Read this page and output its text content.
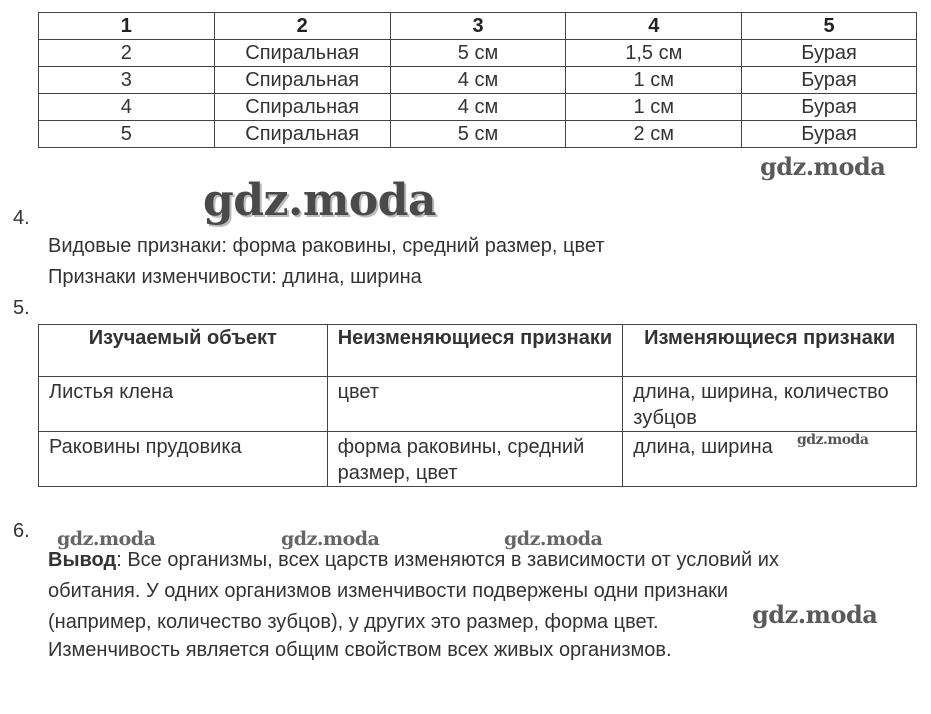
1	2	3	4	5
2	Спиральная	5 см	1,5 см	Бурая
3	Спиральная	4 см	1 см	Бурая
4	Спиральная	4 см	1 см	Бурая
5	Спиральная	5 см	2 см	Бурая
gdz.moda
gdz.moda
4.
Видовые признаки: форма раковины, средний размер, цвет
Признаки изменчивости: длина, ширина
5.
Изучаемый объект	Неизменяющиеся признаки	Изменяющиеся признаки
Листья клена	цвет	длина, ширина, количество зубцов
Раковины прудовика	форма раковины, средний размер, цвет	длина, ширина gdz.moda
6. gdz.moda	gdz.moda	gdz.moda
Вывод: Все организмы, всех царств изменяются в зависимости от условий их
обитания. У одних организмов изменчивости подвержены одни признаки
(например, количество зубцов), у других это размер, форма цвет.	gdz.moda
Изменчивость является общим свойством всех живых организмов.
